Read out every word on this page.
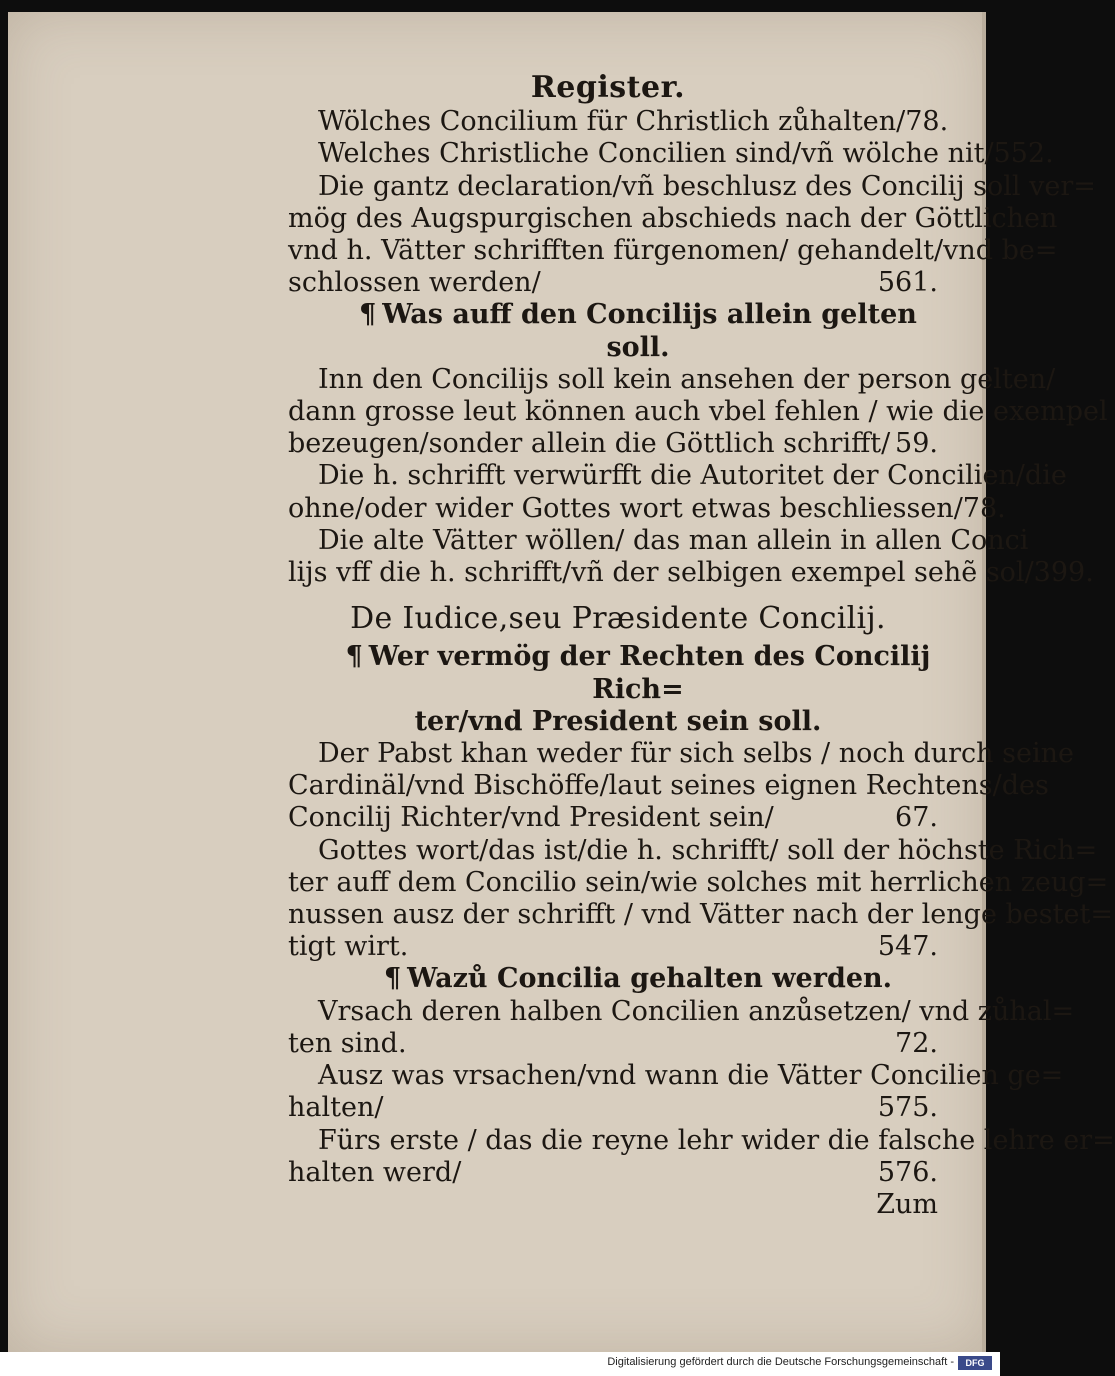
Register.
Wölches Concilium für Christlich zůhalten/ 78.
Welches Christliche Concilien sind/vñ wölche nit/ 552.
Die gantz declaration/vñ beschlusz des Concilij soll ver=
mög des Augspurgischen abschieds nach der Göttlichen
vnd h. Vätter schrifften fürgenomen/ gehandelt/vnd be=
schlossen werden/	561.
¶ Was auff den Concilijs allein gelten soll.
Inn den Concilijs soll kein ansehen der person gelten/
dann grosse leut können auch vbel fehlen / wie die exempel
bezeugen/sonder allein die Göttlich schrifft/ 59.
Die h. schrifft verwürfft die Autoritet der Concilien/die
ohne/oder wider Gottes wort etwas beschliessen/ 78.
Die alte Vätter wöllen/ das man allein in allen Conci
lijs vff die h. schrifft/vñ der selbigen exempel sehẽ sol/ 399.
De Iudice,seu Præsidente Concilij.
¶ Wer vermög der Rechten des Concilij Rich=
ter/vnd President sein soll.
Der Pabst khan weder für sich selbs / noch durch seine
Cardinäl/vnd Bischöffe/laut seines eignen Rechtens/des
Concilij Richter/vnd President sein/	67.
Gottes wort/das ist/die h. schrifft/ soll der höchste Rich=
ter auff dem Concilio sein/wie solches mit herrlichen zeug=
nussen ausz der schrifft / vnd Vätter nach der lenge bestet=
tigt wirt.	547.
¶ Wazů Concilia gehalten werden.
Vrsach deren halben Concilien anzůsetzen/ vnd zůhal=
ten sind.	72.
Ausz was vrsachen/vnd wann die Vätter Concilien ge=
halten/	575.
Fürs erste / das die reyne lehr wider die falsche lehre er=
halten werd/	576.
Zum
Digitalisierung gefördert durch die Deutsche Forschungsgemeinschaft -	DFG
